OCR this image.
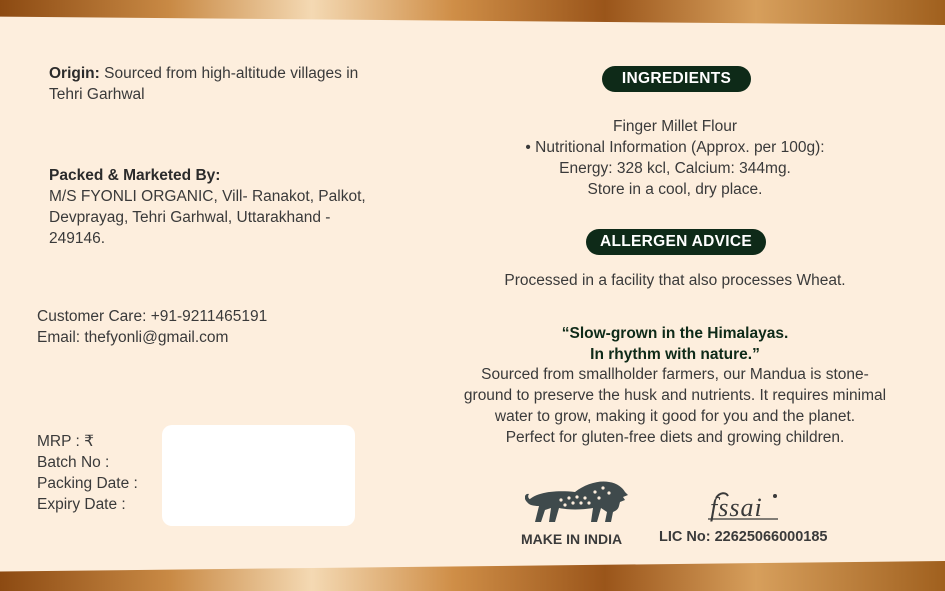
Origin: Sourced from high-altitude villages in
Tehri Garhwal
Packed & Marketed By:
M/S FYONLI ORGANIC, Vill- Ranakot, Palkot,
Devprayag, Tehri Garhwal, Uttarakhand -
249146.
Customer Care: +91-9211465191
Email: thefyonli@gmail.com
MRP : ₹
Batch No :
Packing Date :
Expiry Date :
INGREDIENTS
Finger Millet Flour
• Nutritional Information (Approx. per 100g):
Energy: 328 kcl, Calcium: 344mg.
Store in a cool, dry place.
ALLERGEN ADVICE
Processed in a facility that also processes Wheat.
“Slow-grown in the Himalayas.
In rhythm with nature.”
Sourced from smallholder farmers, our Mandua is stone-
ground to preserve the husk and nutrients. It requires minimal
water to grow, making it good for you and the planet.
Perfect for gluten-free diets and growing children.
MAKE IN INDIA
fssai
LIC No: 22625066000185
